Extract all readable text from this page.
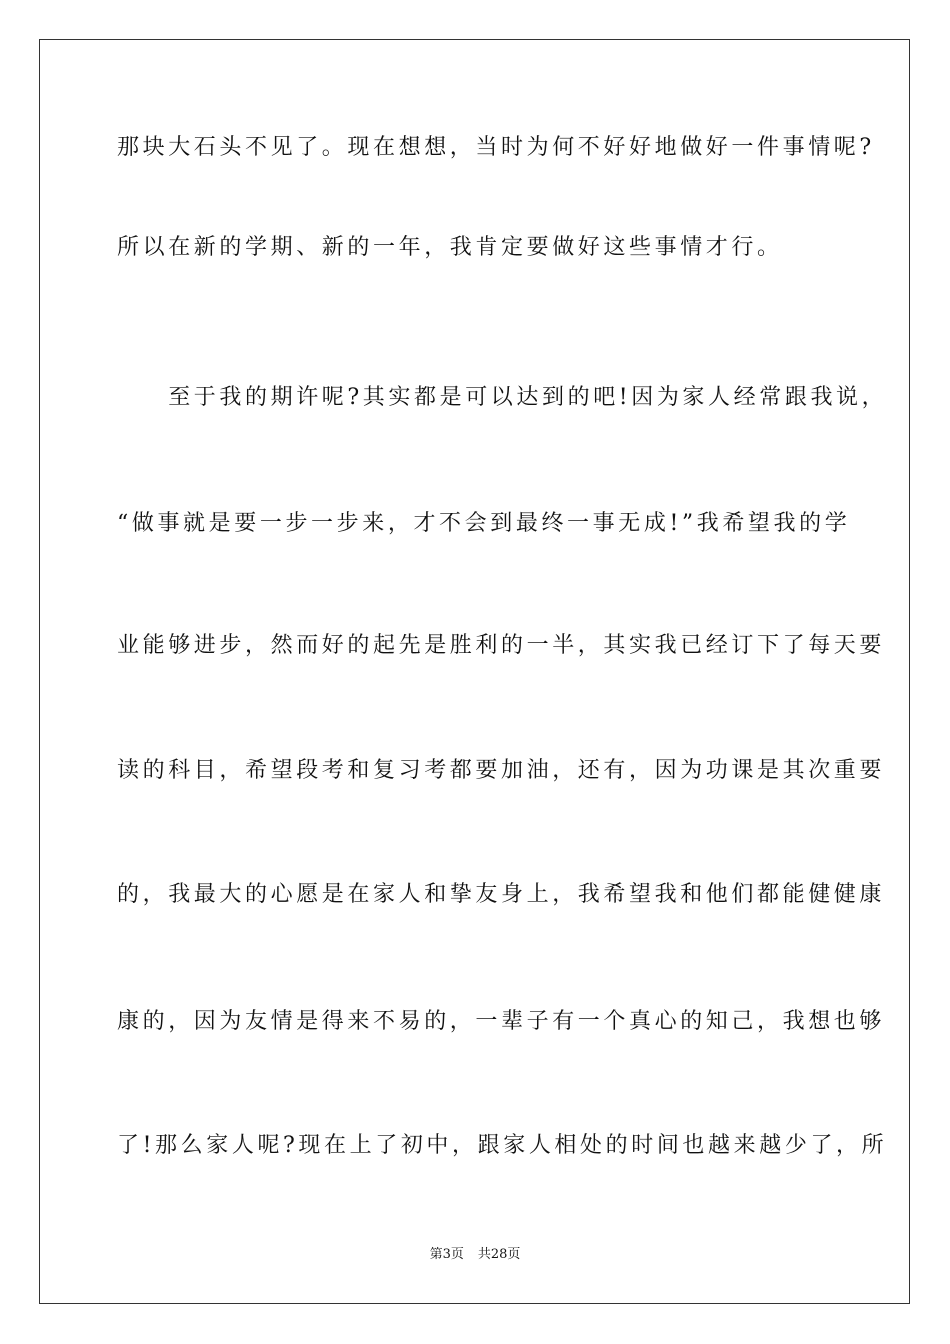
那块大石头不见了。现在想想，当时为何不好好地做好一件事情呢?
所以在新的学期、新的一年，我肯定要做好这些事情才行。
　　至于我的期许呢?其实都是可以达到的吧!因为家人经常跟我说，
“做事就是要一步一步来，才不会到最终一事无成!”我希望我的学
业能够进步，然而好的起先是胜利的一半，其实我已经订下了每天要
读的科目，希望段考和复习考都要加油，还有，因为功课是其次重要
的，我最大的心愿是在家人和挚友身上，我希望我和他们都能健健康
康的，因为友情是得来不易的，一辈子有一个真心的知己，我想也够
了!那么家人呢?现在上了初中，跟家人相处的时间也越来越少了，所
第3页 共28页
